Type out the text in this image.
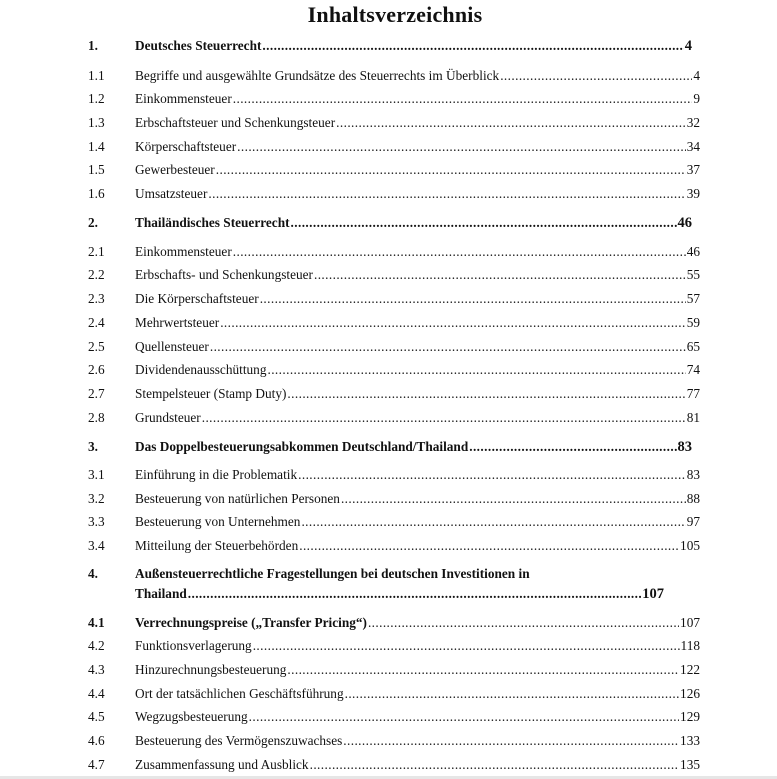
Inhaltsverzeichnis
1.	Deutsches Steuerrecht .....	4
1.1 Begriffe und ausgewählte Grundsätze des Steuerrechts im Überblick .....	4
1.2 Einkommensteuer .....	9
1.3 Erbschaftsteuer und Schenkungsteuer .....	32
1.4 Körperschaftsteuer .....	34
1.5 Gewerbesteuer .....	37
1.6 Umsatzsteuer .....	39
2.	Thailändisches Steuerrecht .....	46
2.1 Einkommensteuer .....	46
2.2 Erbschafts- und Schenkungsteuer .....	55
2.3 Die Körperschaftsteuer .....	57
2.4 Mehrwertsteuer .....	59
2.5 Quellensteuer .....	65
2.6 Dividendenausschüttung .....	74
2.7 Stempelsteuer (Stamp Duty) .....	77
2.8 Grundsteuer .....	81
3.	Das Doppelbesteuerungsabkommen Deutschland/Thailand .....	83
3.1 Einführung in die Problematik .....	83
3.2 Besteuerung von natürlichen Personen .....	88
3.3 Besteuerung von Unternehmen .....	97
3.4 Mitteilung der Steuerbehörden .....	105
4.	Außensteuerrechtliche Fragestellungen bei deutschen Investitionen in
Thailand .....	107
4.1 Verrechnungspreise („Transfer Pricing“) .....	107
4.2 Funktionsverlagerung .....	118
4.3 Hinzurechnungsbesteuerung .....	122
4.4 Ort der tatsächlichen Geschäftsführung .....	126
4.5 Wegzugsbesteuerung .....	129
4.6 Besteuerung des Vermögenszuwachses .....	133
4.7 Zusammenfassung und Ausblick .....	135
